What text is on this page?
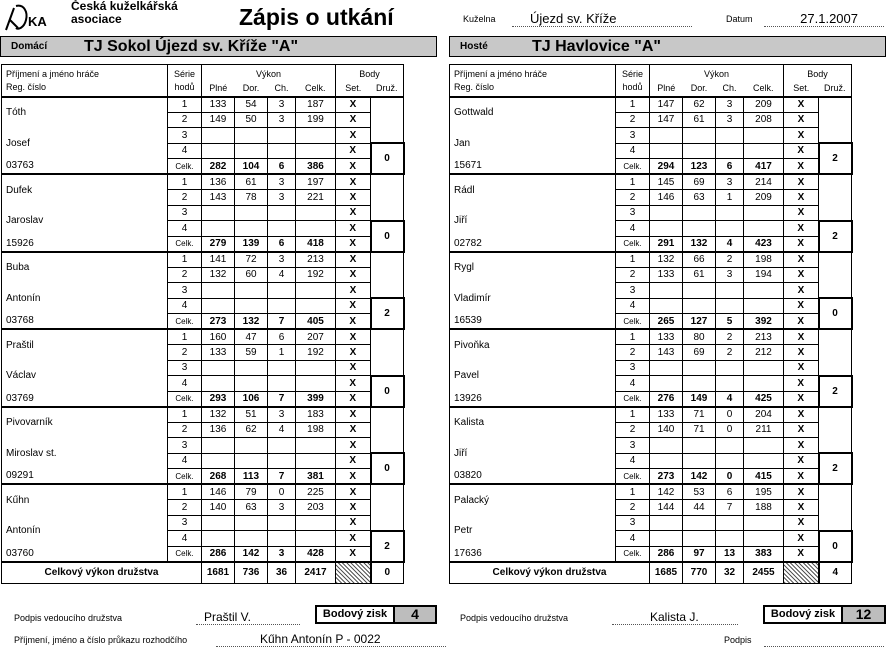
KA
Česká kuželkářská
asociace	Zápis o utkání	Kuželna	Újezd sv. Kříže	Datum	27.1.2007
Domácí TJ Sokol Újezd sv. Kříže "A"	Hosté	TJ Havlovice "A"
Příjmení a jméno hráče	Série	Výkon				Body	
Reg. číslo	hodů	Plné	Dor.	Ch.	Celk.	Set.	Druž.
Tóth	1	133	54	3	187	X	
	2	149	50	3	199	X	
Josef	3					X	
	4					X	0
03763	Celk.	282	104	6	386	X	
Dufek	1	136	61	3	197	X	
	2	143	78	3	221	X	
Jaroslav	3					X	
	4					X	0
15926	Celk.	279	139	6	418	X	
Buba	1	141	72	3	213	X	
	2	132	60	4	192	X	
Antonín	3					X	
	4					X	2
03768	Celk.	273	132	7	405	X	
Praštil	1	160	47	6	207	X	
	2	133	59	1	192	X	
Václav	3					X	
	4					X	0
03769	Celk.	293	106	7	399	X	
Pivovarník	1	132	51	3	183	X	
	2	136	62	4	198	X	
Miroslav st.	3					X	
	4					X	0
09291	Celk.	268	113	7	381	X	
Kűhn	1	146	79	0	225	X	
	2	140	63	3	203	X	
Antonín	3					X	
	4					X	2
03760	Celk.	286	142	3	428	X	
Celkový výkon družstva		1681	736	36	2417		0
Příjmení a jméno hráče	Série	Výkon				Body	
Reg. číslo	hodů	Plné	Dor.	Ch.	Celk.	Set.	Druž.
Gottwald	1	147	62	3	209	X	
	2	147	61	3	208	X	
Jan	3					X	
	4					X	2
15671	Celk.	294	123	6	417	X	
Rádl	1	145	69	3	214	X	
	2	146	63	1	209	X	
Jiří	3					X	
	4					X	2
02782	Celk.	291	132	4	423	X	
Rygl	1	132	66	2	198	X	
	2	133	61	3	194	X	
Vladimír	3					X	
	4					X	0
16539	Celk.	265	127	5	392	X	
Pivoňka	1	133	80	2	213	X	
	2	143	69	2	212	X	
Pavel	3					X	
	4					X	2
13926	Celk.	276	149	4	425	X	
Kalista	1	133	71	0	204	X	
	2	140	71	0	211	X	
Jiří	3					X	
	4					X	2
03820	Celk.	273	142	0	415	X	
Palacký	1	142	53	6	195	X	
	2	144	44	7	188	X	
Petr	3					X	
	4					X	0
17636	Celk.	286	97	13	383	X	
Celkový výkon družstva		1685	770	32	2455		4
Podpis vedoucího družstva	Praštil V.	Bodový zisk	4	Podpis vedoucího družstva	Kalista J.	Bodový zisk	12
Příjmení, jméno a číslo průkazu rozhodčího	Kűhn Antonín P - 0022	Podpis
